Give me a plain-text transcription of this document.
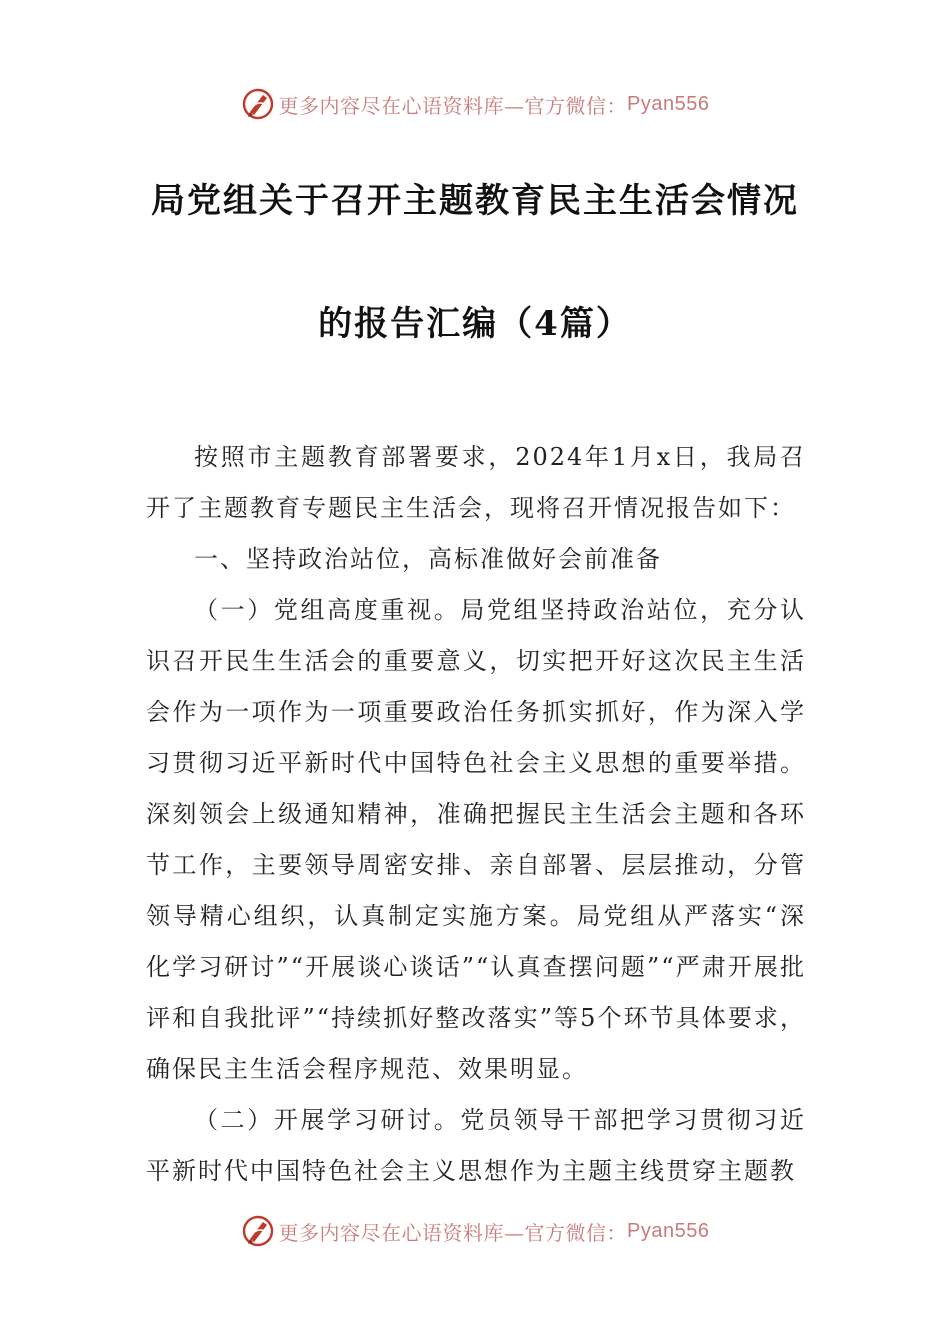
更多内容尽在心语资料库—官方微信： Pyan556
局党组关于召开主题教育民主生活会情况
的报告汇编（4篇）

按照市主题教育部署要求，2024年1月x日，我局召开了主题教育专题民主生活会，现将召开情况报告如下：

一、坚持政治站位，高标准做好会前准备

（一）党组高度重视。局党组坚持政治站位，充分认识召开民生生活会的重要意义，切实把开好这次民主生活会作为一项作为一项重要政治任务抓实抓好，作为深入学习贯彻习近平新时代中国特色社会主义思想的重要举措。深刻领会上级通知精神，准确把握民主生活会主题和各环节工作，主要领导周密安排、亲自部署、层层推动，分管领导精心组织，认真制定实施方案。局党组从严落实“深化学习研讨”“开展谈心谈话”“认真查摆问题”“严肃开展批评和自我批评”“持续抓好整改落实”等5个环节具体要求，确保民主生活会程序规范、效果明显。

（二）开展学习研讨。党员领导干部把学习贯彻习近平新时代中国特色社会主义思想作为主题主线贯穿主题教

更多内容尽在心语资料库—官方微信： Pyan556
